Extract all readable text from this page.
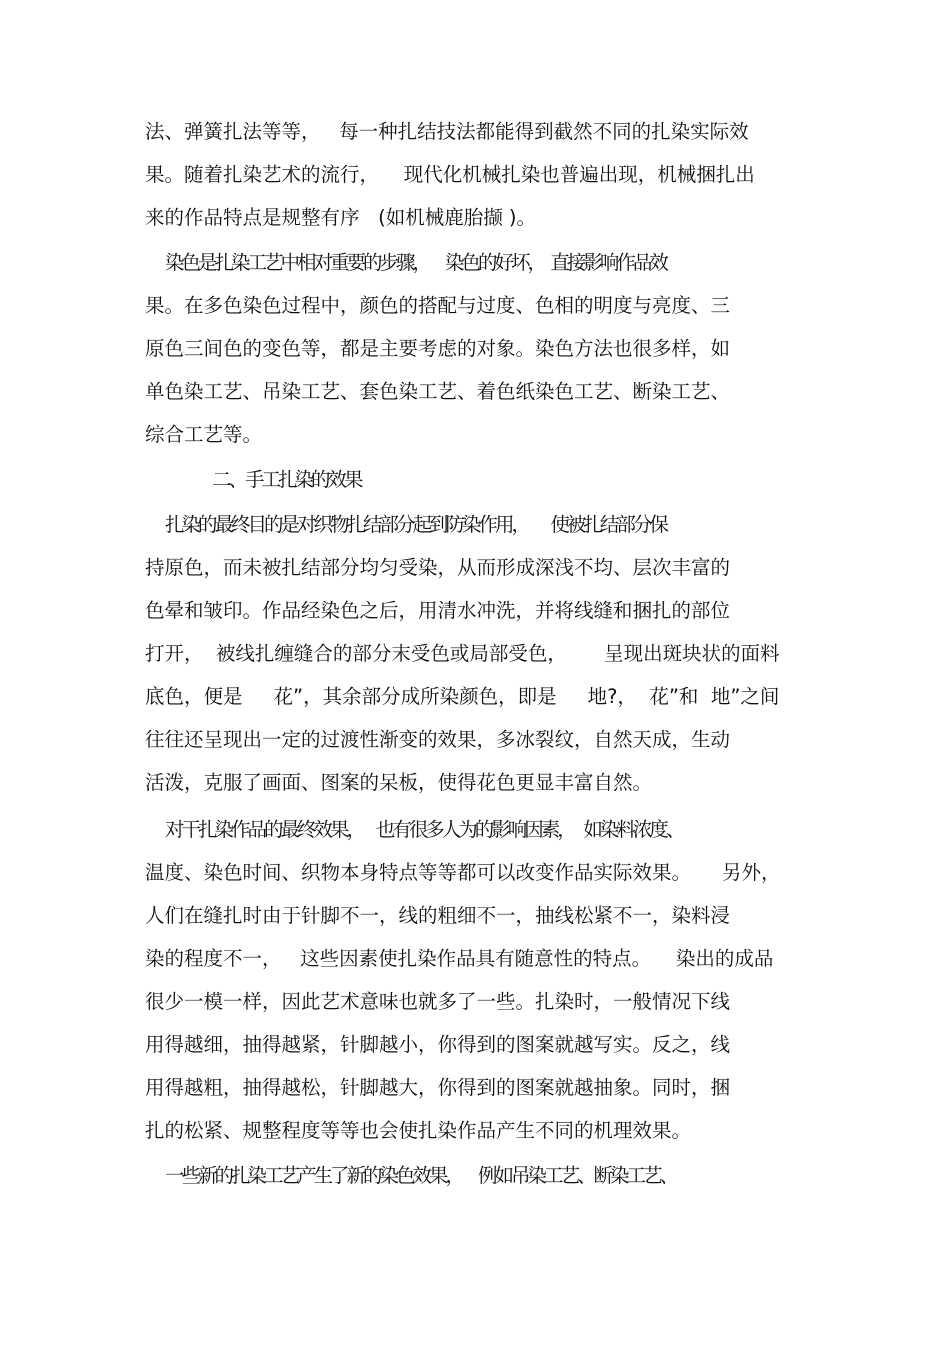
法、弹簧扎法等等，   每一种扎结技法都能得到截然不同的扎染实际效
果。随着扎染艺术的流行，    现代化机械扎染也普遍出现，机械捆扎出
来的作品特点是规整有序   (如机械鹿胎撷 )。
染色是扎染工艺中相对重要的步骤，     染色的好坏，  直接影响作品效
果。在多色染色过程中，颜色的搭配与过度、色相的明度与亮度、三
原色三间色的变色等，都是主要考虑的对象。染色方法也很多样，如
单色染工艺、吊染工艺、套色染工艺、着色纸染色工艺、断染工艺、
综合工艺等。
二、手工扎染的效果
扎染的最终目的是对织物扎结部分起到防染作用，       使被扎结部分保
持原色，而未被扎结部分均匀受染，从而形成深浅不均、层次丰富的
色晕和皱印。作品经染色之后，用清水冲洗，并将线缝和捆扎的部位
打开，  被线扎缠缝合的部分末受色或局部受色，      呈现出斑块状的面料
底色，便是     花”，其余部分成所染颜色，即是     地?，  花”和  地”之间
往往还呈现出一定的过渡性渐变的效果，多冰裂纹，自然天成，生动
活泼，克服了画面、图案的呆板，使得花色更显丰富自然。
对干扎染作品的最终效果，    也有很多人为的影响因素，   如染料浓度、
温度、染色时间、织物本身特点等等都可以改变作品实际效果。     另外，
人们在缝扎时由于针脚不一，线的粗细不一，抽线松紧不一，染料浸
染的程度不一，   这些因素使扎染作品具有随意性的特点。    染出的成品
很少一模一样，因此艺术意味也就多了一些。扎染时，一般情况下线
用得越细，抽得越紧，针脚越小，你得到的图案就越写实。反之，线
用得越粗，抽得越松，针脚越大，你得到的图案就越抽象。同时，捆
扎的松紧、规整程度等等也会使扎染作品产生不同的机理效果。
一些新的扎染工艺产生了新的染色效果，     例如吊染工艺、断染工艺、
